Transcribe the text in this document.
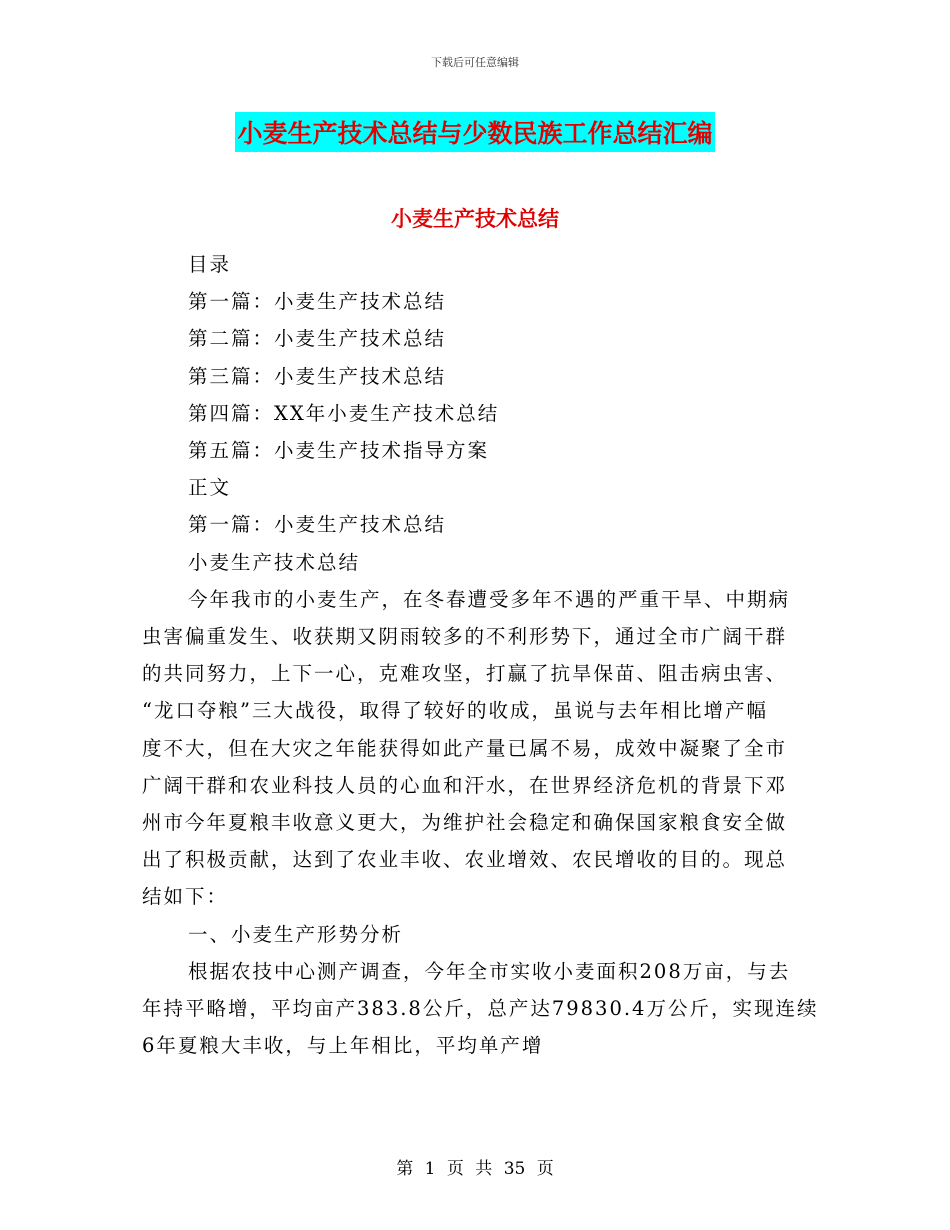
下载后可任意编辑
小麦生产技术总结与少数民族工作总结汇编
小麦生产技术总结
目录
第一篇：小麦生产技术总结
第二篇：小麦生产技术总结
第三篇：小麦生产技术总结
第四篇：XX年小麦生产技术总结
第五篇：小麦生产技术指导方案
正文
第一篇：小麦生产技术总结
小麦生产技术总结
今年我市的小麦生产，在冬春遭受多年不遇的严重干旱、中期病
虫害偏重发生、收获期又阴雨较多的不利形势下，通过全市广阔干群
的共同努力，上下一心，克难攻坚，打赢了抗旱保苗、阻击病虫害、
“龙口夺粮”三大战役，取得了较好的收成，虽说与去年相比增产幅
度不大，但在大灾之年能获得如此产量已属不易，成效中凝聚了全市
广阔干群和农业科技人员的心血和汗水，在世界经济危机的背景下邓
州市今年夏粮丰收意义更大，为维护社会稳定和确保国家粮食安全做
出了积极贡献，达到了农业丰收、农业增效、农民增收的目的。现总
结如下：
一、小麦生产形势分析
根据农技中心测产调查，今年全市实收小麦面积208万亩，与去
年持平略增，平均亩产383.8公斤，总产达79830.4万公斤，实现连续
6年夏粮大丰收，与上年相比，平均单产增
第 1 页 共 35 页
